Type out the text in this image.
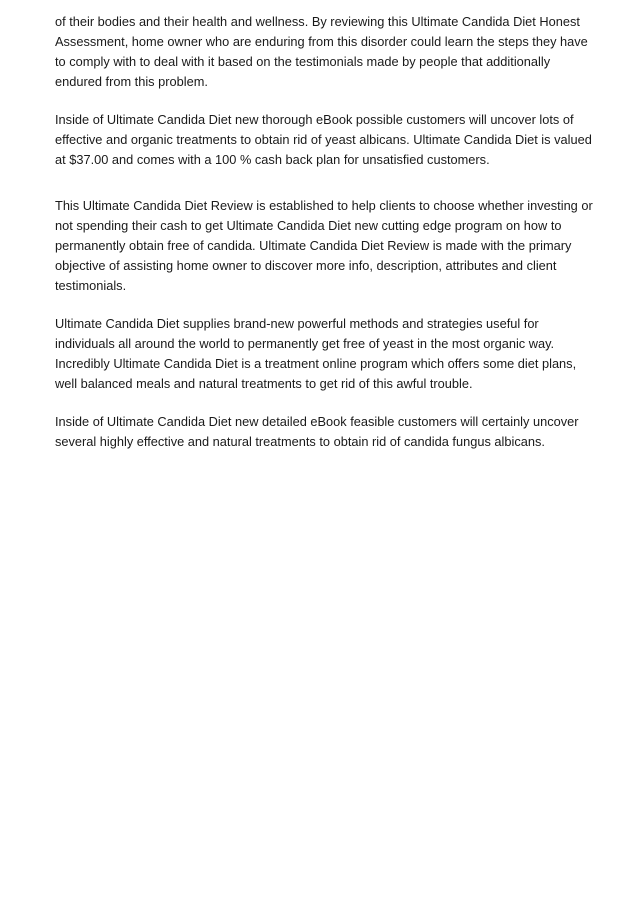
of their bodies and their health and wellness. By reviewing this Ultimate Candida Diet Honest Assessment, home owner who are enduring from this disorder could learn the steps they have to comply with to deal with it based on the testimonials made by people that additionally endured from this problem.

Inside of Ultimate Candida Diet new thorough eBook possible customers will uncover lots of effective and organic treatments to obtain rid of yeast albicans. Ultimate Candida Diet is valued at $37.00 and comes with a 100 % cash back plan for unsatisfied customers.

This Ultimate Candida Diet Review is established to help clients to choose whether investing or not spending their cash to get Ultimate Candida Diet new cutting edge program on how to permanently obtain free of candida. Ultimate Candida Diet Review is made with the primary objective of assisting home owner to discover more info, description, attributes and client testimonials.

Ultimate Candida Diet supplies brand-new powerful methods and strategies useful for individuals all around the world to permanently get free of yeast in the most organic way. Incredibly Ultimate Candida Diet is a treatment online program which offers some diet plans, well balanced meals and natural treatments to get rid of this awful trouble.

Inside of Ultimate Candida Diet new detailed eBook feasible customers will certainly uncover several highly effective and natural treatments to obtain rid of candida fungus albicans.
